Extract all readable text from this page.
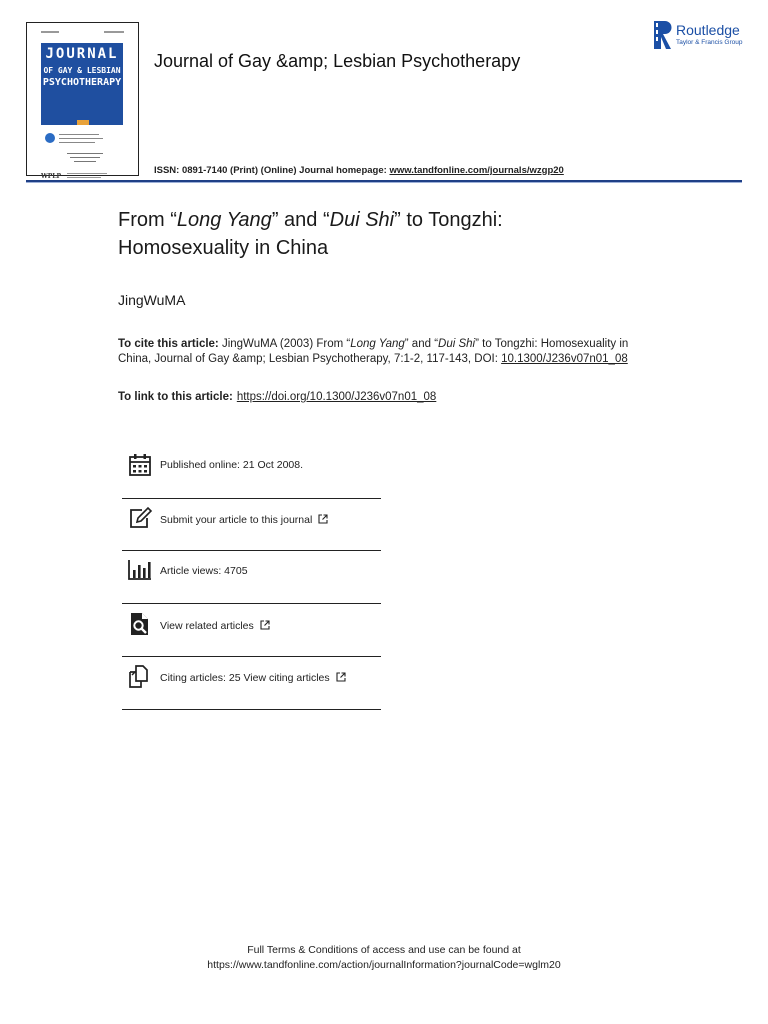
JOURNAL
OF GAY & LESBIAN
PSYCHOTHERAPY
WPLP
Journal of Gay &amp; Lesbian Psychotherapy
ISSN: 0891-7140 (Print) (Online) Journal homepage: www.tandfonline.com/journals/wzgp20
Routledge
Taylor & Francis Group
From “Long Yang” and “Dui Shi” to Tongzhi:
Homosexuality in China
JingWuMA
To cite this article: JingWuMA (2003) From “Long Yang” and “Dui Shi” to Tongzhi: Homosexuality in China, Journal of Gay &amp; Lesbian Psychotherapy, 7:1-2, 117-143, DOI: 10.1300/J236v07n01_08
To link to this article: https://doi.org/10.1300/J236v07n01_08
Published online: 21 Oct 2008.
Submit your article to this journal
Article views: 4705
View related articles
Citing articles: 25 View citing articles
Full Terms & Conditions of access and use can be found at
https://www.tandfonline.com/action/journalInformation?journalCode=wglm20
